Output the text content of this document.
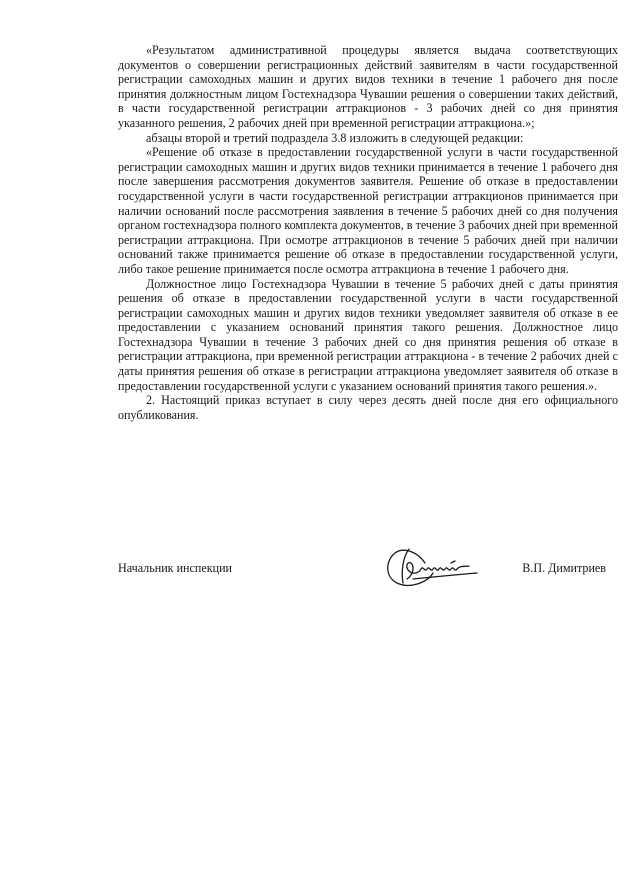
«Результатом административной процедуры является выдача соответствующих документов о совершении регистрационных действий заявителям в части государственной регистрации самоходных машин и других видов техники в течение 1 рабочего дня после принятия должностным лицом Гостехнадзора Чувашии решения о совершении таких действий, в части государственной регистрации аттракционов - 3 рабочих дней со дня принятия указанного решения, 2 рабочих дней при временной регистрации аттракциона.»;

абзацы второй и третий подраздела 3.8 изложить в следующей редакции:

«Решение об отказе в предоставлении государственной услуги в части государственной регистрации самоходных машин и других видов техники принимается в течение 1 рабочего дня после завершения рассмотрения документов заявителя. Решение об отказе в предоставлении государственной услуги в части государственной регистрации аттракционов принимается при наличии оснований после рассмотрения заявления в течение 5 рабочих дней со дня получения органом гостехнадзора полного комплекта документов, в течение 3 рабочих дней при временной регистрации аттракциона. При осмотре аттракционов в течение 5 рабочих дней при наличии оснований также принимается решение об отказе в предоставлении государственной услуги, либо такое решение принимается после осмотра аттракциона в течение 1 рабочего дня.

Должностное лицо Гостехнадзора Чувашии в течение 5 рабочих дней с даты принятия решения об отказе в предоставлении государственной услуги в части государственной регистрации самоходных машин и других видов техники уведомляет заявителя об отказе в ее предоставлении с указанием оснований принятия такого решения. Должностное лицо Гостехнадзора Чувашии в течение 3 рабочих дней со дня принятия решения об отказе в регистрации аттракциона, при временной регистрации аттракциона - в течение 2 рабочих дней с даты принятия решения об отказе в регистрации аттракциона уведомляет заявителя об отказе в предоставлении государственной услуги с указанием оснований принятия такого решения.».

2. Настоящий приказ вступает в силу через десять дней после дня его официального опубликования.

Начальник инспекции	В.П. Димитриев
